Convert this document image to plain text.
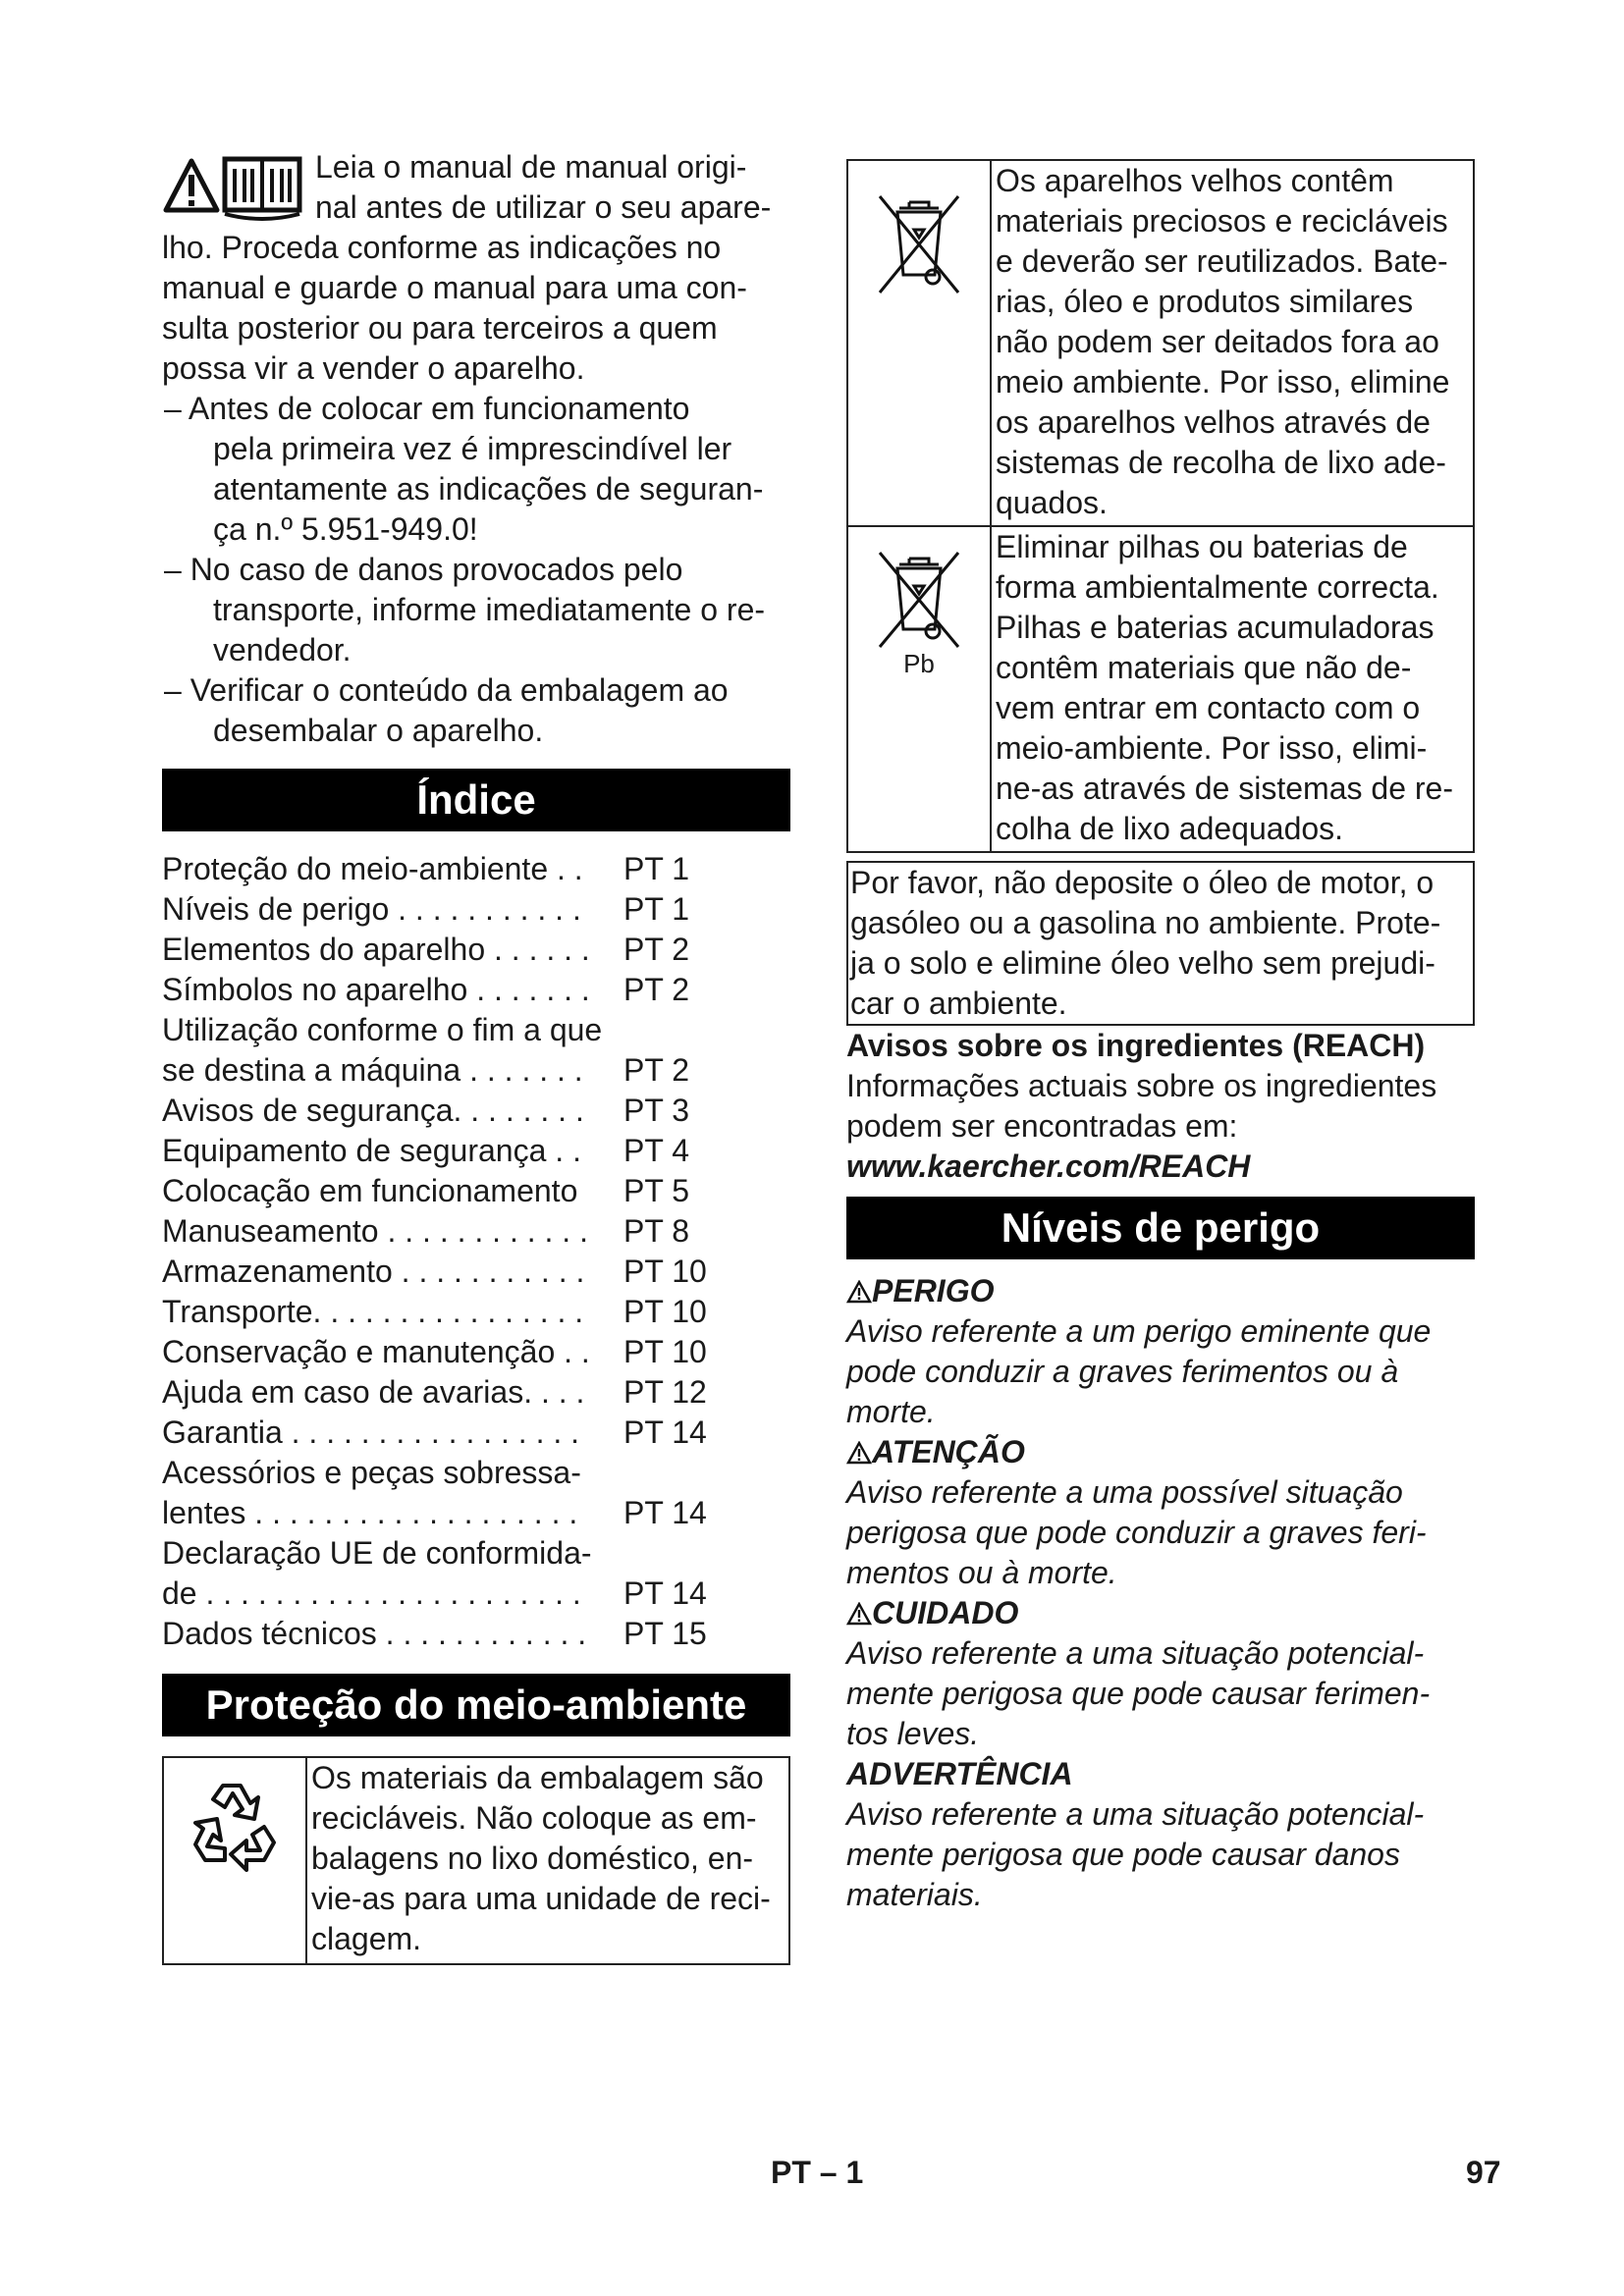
Leia o manual de manual origi-
nal antes de utilizar o seu apare-
lho. Proceda conforme as indicações no
manual e guarde o manual para uma con-
sulta posterior ou para terceiros a quem
possa vir a vender o aparelho.

– Antes de colocar em funcionamento
pela primeira vez é imprescindível ler
atentamente as indicações de seguran-
ça n.º 5.951-949.0!
– No caso de danos provocados pelo
transporte, informe imediatamente o re-
vendedor.
– Verificar o conteúdo da embalagem ao
desembalar o aparelho.
Índice
Proteção do meio-ambiente . . PT 1
Níveis de perigo . . . . . . . . . . . PT 1
Elementos do aparelho . . . . . . PT 2
Símbolos no aparelho . . . . . . . PT 2
Utilização conforme o fim a que
se destina a máquina . . . . . . . PT 2
Avisos de segurança. . . . . . . . PT 3
Equipamento de segurança . . PT 4
Colocação em funcionamento PT 5
Manuseamento . . . . . . . . . . . . PT 8
Armazenamento . . . . . . . . . . . PT 10
Transporte. . . . . . . . . . . . . . . . PT 10
Conservação e manutenção . . PT 10
Ajuda em caso de avarias. . . . PT 12
Garantia . . . . . . . . . . . . . . . . . PT 14
Acessórios e peças sobressa-
lentes . . . . . . . . . . . . . . . . . . . PT 14
Declaração UE de conformida-
de . . . . . . . . . . . . . . . . . . . . . . PT 14
Dados técnicos . . . . . . . . . . . . PT 15
Proteção do meio-ambiente
Os materiais da embalagem são
recicláveis. Não coloque as em-
balagens no lixo doméstico, en-
vie-as para uma unidade de reci-
clagem.
Os aparelhos velhos contêm
materiais preciosos e recicláveis
e deverão ser reutilizados. Bate-
rias, óleo e produtos similares
não podem ser deitados fora ao
meio ambiente. Por isso, elimine
os aparelhos velhos através de
sistemas de recolha de lixo ade-
quados.
Pb
Eliminar pilhas ou baterias de
forma ambientalmente correcta.
Pilhas e baterias acumuladoras
contêm materiais que não de-
vem entrar em contacto com o
meio-ambiente. Por isso, elimi-
ne-as através de sistemas de re-
colha de lixo adequados.
Por favor, não deposite o óleo de motor, o
gasóleo ou a gasolina no ambiente. Prote-
ja o solo e elimine óleo velho sem prejudi-
car o ambiente.

Avisos sobre os ingredientes (REACH)

Informações actuais sobre os ingredientes
podem ser encontradas em:

www.kaercher.com/REACH

Níveis de perigo

PERIGO

Aviso referente a um perigo eminente que

pode conduzir a graves ferimentos ou à

morte.

ATENÇÃO

Aviso referente a uma possível situação

perigosa que pode conduzir a graves feri-

mentos ou à morte.

CUIDADO

Aviso referente a uma situação potencial-

mente perigosa que pode causar ferimen-

tos leves.

ADVERTÊNCIA

Aviso referente a uma situação potencial-

mente perigosa que pode causar danos

materiais.

PT – 1	97
